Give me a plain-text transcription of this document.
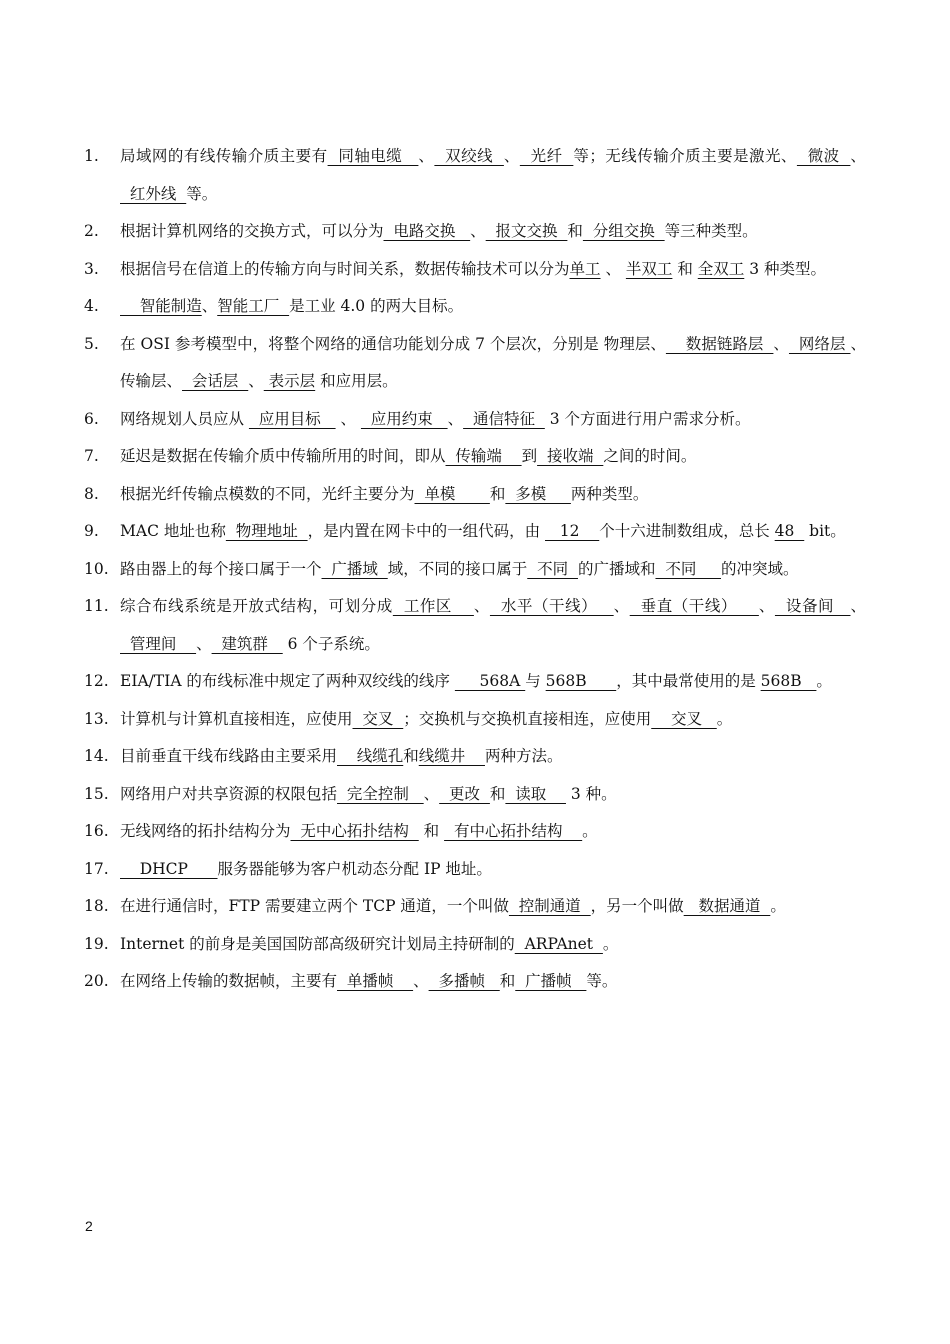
1.	局域网的有线传输介质主要有  同轴电缆   、  双绞线  、  光纤  等；无线传输介质主要是激光、  微波  、  红外线  等。
2.	根据计算机网络的交换方式，可以分为  电路交换   、  报文交换  和  分组交换  等三种类型。
3.	根据信号在信道上的传输方向与时间关系，数据传输技术可以分为单工 、 半双工 和 全双工 3 种类型。
4.	智能制造、智能工厂  是工业 4.0 的两大目标。
5.	在 OSI 参考模型中，将整个网络的通信功能划分成 7 个层次，分别是 物理层、    数据链路层  、  网络层 、传输层、  会话层  、 表示层 和应用层。
6.	网络规划人员应从   应用目标    、   应用约束   、  通信特征   3 个方面进行用户需求分析。
7.	延迟是数据在传输介质中传输所用的时间，即从  传输端    到  接收端  之间的时间。
8.	根据光纤传输点模数的不同，光纤主要分为  单模       和  多模     两种类型。
9.	MAC 地址也称  物理地址  ，是内置在网卡中的一组代码，由    12    个十六进制数组成，总长 48   bit。
10. 路由器上的每个接口属于一个  广播域  域，不同的接口属于  不同  的广播域和  不同     的冲突域。
11. 综合布线系统是开放式结构，可划分成  工作区    、  水平（干线）   、  垂直（干线）    、  设备间   、  管理间    、  建筑群    6 个子系统。
12. EIA/TIA 的布线标准中规定了两种双绞线的线序      568A 与 568B      ，其中最常使用的是 568B   。
13. 计算机与计算机直接相连，应使用  交叉  ；交换机与交换机直接相连，应使用    交叉   。
14. 目前垂直干线布线路由主要采用    线缆孔和线缆井    两种方法。
15. 网络用户对共享资源的权限包括  完全控制   、  更改  和  读取     3 种。
16. 无线网络的拓扑结构分为  无中心拓扑结构   和   有中心拓扑结构    。
17. DHCP      服务器能够为客户机动态分配 IP 地址。
18. 在进行通信时，FTP 需要建立两个 TCP 通道，一个叫做  控制通道  ，另一个叫做   数据通道  。
19. Internet 的前身是美国国防部高级研究计划局主持研制的  ARPAnet  。
20. 在网络上传输的数据帧，主要有  单播帧    、  多播帧   和  广播帧   等。
2
